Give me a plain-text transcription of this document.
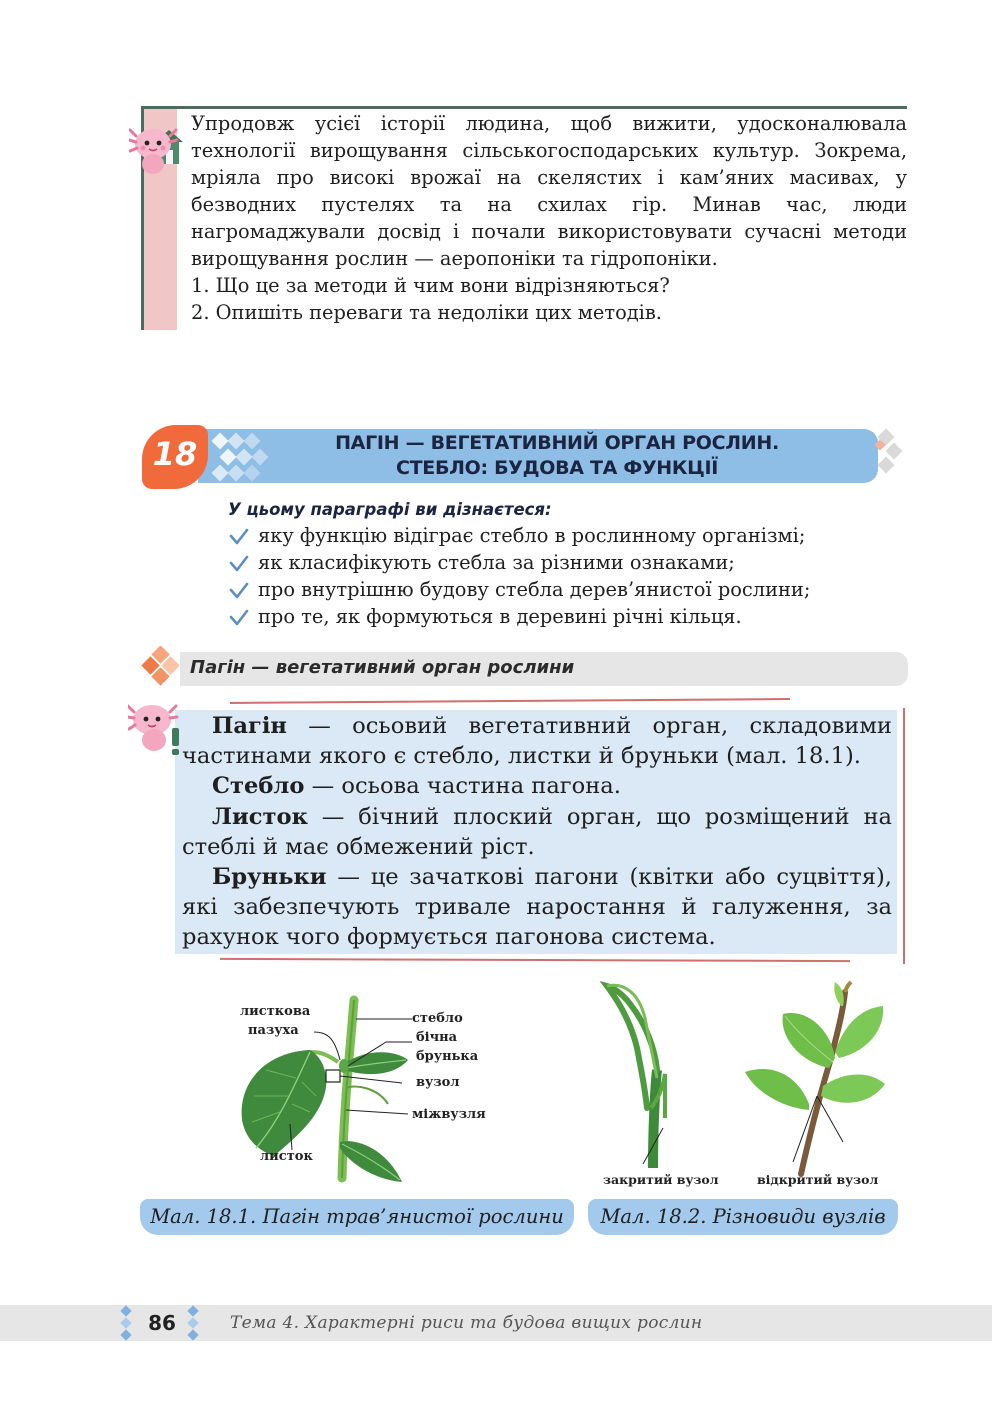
Упродовж усієї історії людина, щоб вижити, удосконалювала технології вирощування сільськогосподарських культур. Зокрема, мріяла про високі врожаї на скелястих і кам’яних масивах, у безводних пустелях та на схилах гір. Минав час, люди нагромаджували досвід і почали використовувати сучасні методи вирощування рослин — аеропоніки та гідропоніки.

1. Що це за методи й чим вони відрізняються?

2. Опишіть переваги та недоліки цих методів.

18	ПАГІН — ВЕГЕТАТИВНИЙ ОРГАН РОСЛИН.
СТЕБЛО: БУДОВА ТА ФУНКЦІЇ
У цьому параграфі ви дізнаєтеся:
яку функцію відіграє стебло в рослинному організмі;
як класифікують стебла за різними ознаками;
про внутрішню будову стебла дерев’янистої рослини;
про те, як формуються в деревині річні кільця.
Пагін — вегетативний орган рослини

Пагін — осьовий вегетативний орган, складовими частинами якого є стебло, листки й бруньки (мал. 18.1).

Стебло — осьова частина пагона.

Листок — бічний плоский орган, що розміщений на стеблі й має обмежений ріст.

Бруньки — це зачаткові пагони (квітки або суцвіття), які забезпечують тривале наростання й галуження, за рахунок чого формується пагонова система.

листкова
пазуха
стебло
бічна
брунька
вузол
міжвузля
листок
закритий вузол	відкритий вузол
Мал. 18.1. Пагін трав’янистої рослини	Мал. 18.2. Різновиди вузлів
86	Тема 4. Характерні риси та будова вищих рослин
